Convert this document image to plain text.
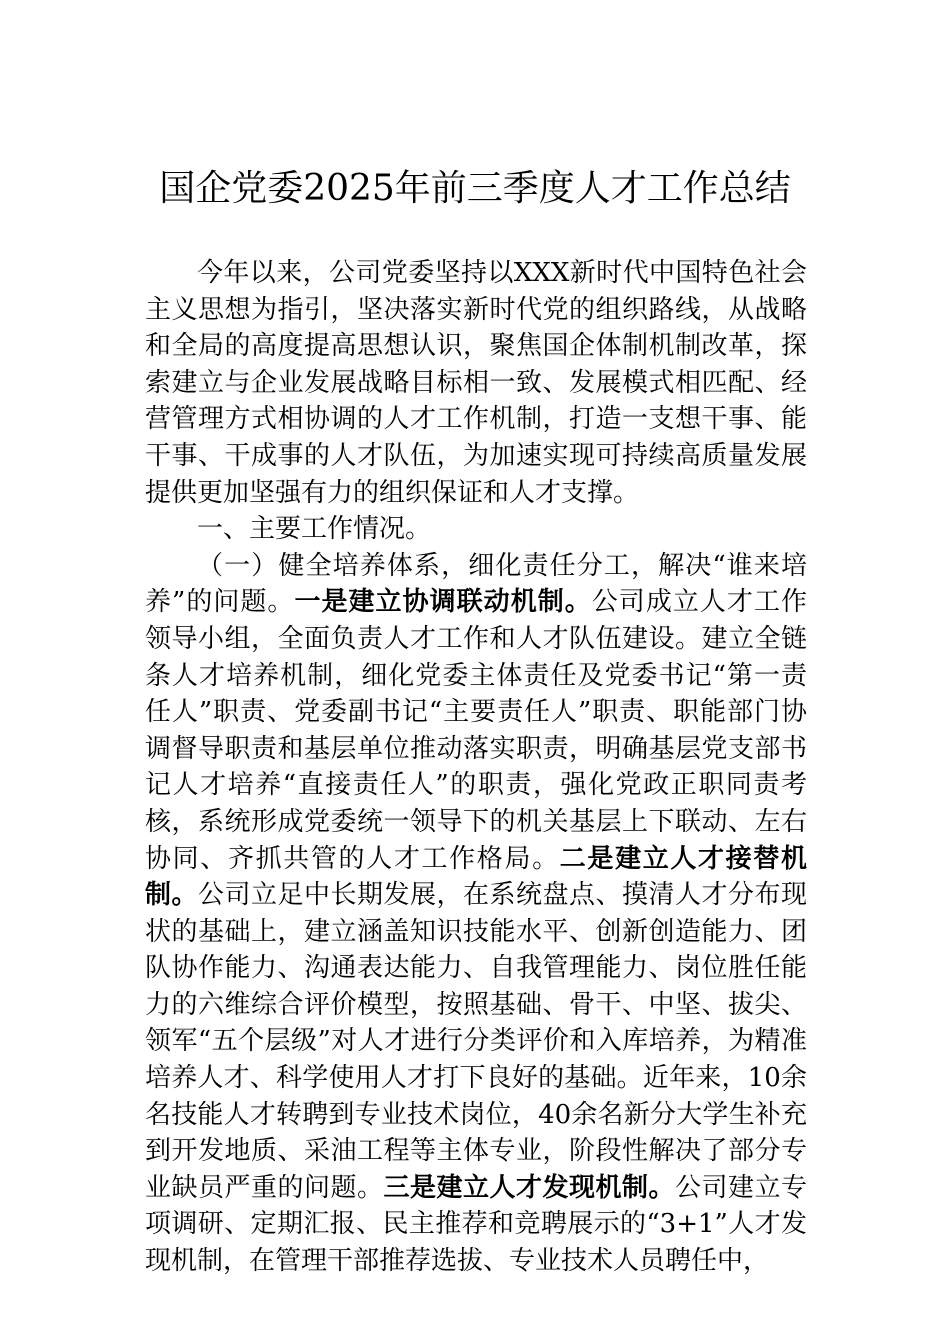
国企党委2025年前三季度人才工作总结

今年以来，公司党委坚持以XXX新时代中国特色社会主义思想为指引，坚决落实新时代党的组织路线，从战略和全局的高度提高思想认识，聚焦国企体制机制改革，探索建立与企业发展战略目标相一致、发展模式相匹配、经营管理方式相协调的人才工作机制，打造一支想干事、能干事、干成事的人才队伍，为加速实现可持续高质量发展提供更加坚强有力的组织保证和人才支撑。

一、主要工作情况。

（一）健全培养体系，细化责任分工，解决“谁来培养”的问题。一是建立协调联动机制。公司成立人才工作领导小组，全面负责人才工作和人才队伍建设。建立全链条人才培养机制，细化党委主体责任及党委书记“第一责任人”职责、党委副书记“主要责任人”职责、职能部门协调督导职责和基层单位推动落实职责，明确基层党支部书记人才培养“直接责任人”的职责，强化党政正职同责考核，系统形成党委统一领导下的机关基层上下联动、左右协同、齐抓共管的人才工作格局。二是建立人才接替机制。公司立足中长期发展，在系统盘点、摸清人才分布现状的基础上，建立涵盖知识技能水平、创新创造能力、团队协作能力、沟通表达能力、自我管理能力、岗位胜任能力的六维综合评价模型，按照基础、骨干、中坚、拔尖、领军“五个层级”对人才进行分类评价和入库培养，为精准培养人才、科学使用人才打下良好的基础。近年来，10余名技能人才转聘到专业技术岗位，40余名新分大学生补充到开发地质、采油工程等主体专业，阶段性解决了部分专业缺员严重的问题。三是建立人才发现机制。公司建立专项调研、定期汇报、民主推荐和竞聘展示的“3+1”人才发现机制，在管理干部推荐选拔、专业技术人员聘任中，
